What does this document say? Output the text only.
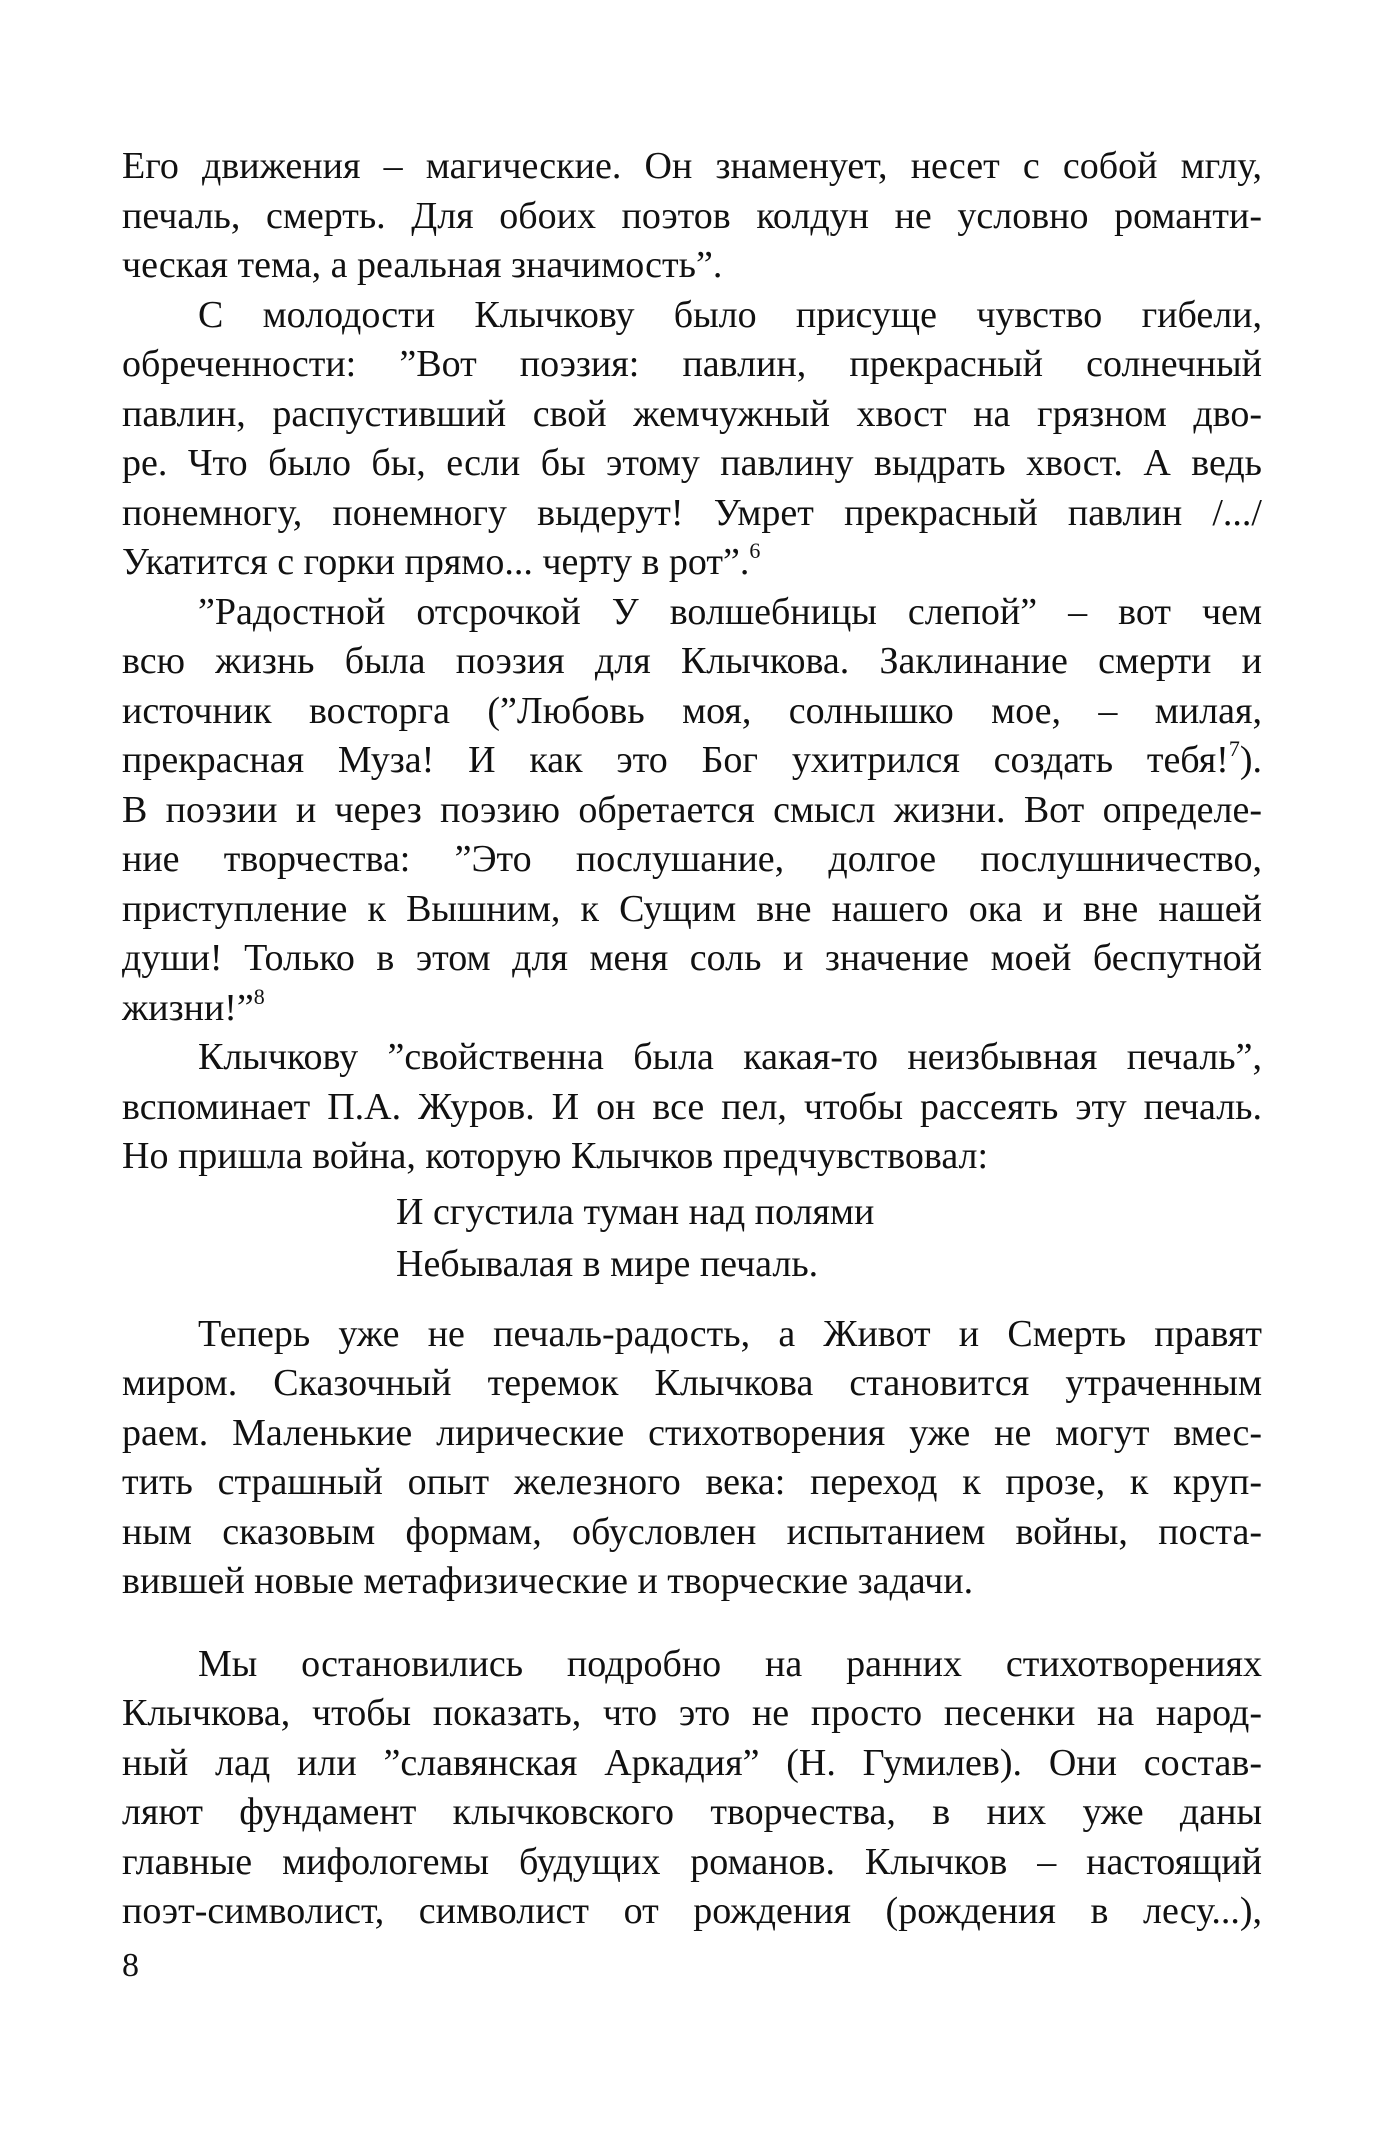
Его движения – магические. Он знаменует, несет с собой мглу,
печаль, смерть. Для обоих поэтов колдун не условно романти-
ческая тема, а реальная значимость”.
С молодости Клычкову было присуще чувство гибели,
обреченности: ”Вот поэзия: павлин, прекрасный солнечный
павлин, распустивший свой жемчужный хвост на грязном дво-
ре. Что было бы, если бы этому павлину выдрать хвост. А ведь
понемногу, понемногу выдерут! Умрет прекрасный павлин /.../
Укатится с горки прямо... черту в рот”.$^6$
”Радостной отсрочкой У волшебницы слепой” – вот чем
всю жизнь была поэзия для Клычкова. Заклинание смерти и
источник восторга (”Любовь моя, солнышко мое, – милая,
прекрасная Муза! И как это Бог ухитрился создать тебя!$^7$).
В поэзии и через поэзию обретается смысл жизни. Вот определе-
ние творчества: ”Это послушание, долгое послушничество,
приступление к Вышним, к Сущим вне нашего ока и вне нашей
души! Только в этом для меня соль и значение моей беспутной
жизни!”$^8$
Клычкову ”свойственна была какая-то неизбывная печаль”,
вспоминает П.А. Журов. И он все пел, чтобы рассеять эту печаль.
Но пришла война, которую Клычков предчувствовал:
И сгустила туман над полями
Небывалая в мире печаль.
Теперь уже не печаль-радость, а Живот и Смерть правят
миром. Сказочный теремок Клычкова становится утраченным
раем. Маленькие лирические стихотворения уже не могут вмес-
тить страшный опыт железного века: переход к прозе, к круп-
ным сказовым формам, обусловлен испытанием войны, поста-
вившей новые метафизические и творческие задачи.
Мы остановились подробно на ранних стихотворениях
Клычкова, чтобы показать, что это не просто песенки на народ-
ный лад или ”славянская Аркадия” (Н. Гумилев). Они состав-
ляют фундамент клычковского творчества, в них уже даны
главные мифологемы будущих романов. Клычков – настоящий
поэт-символист, символист от рождения (рождения в лесу...),
8
